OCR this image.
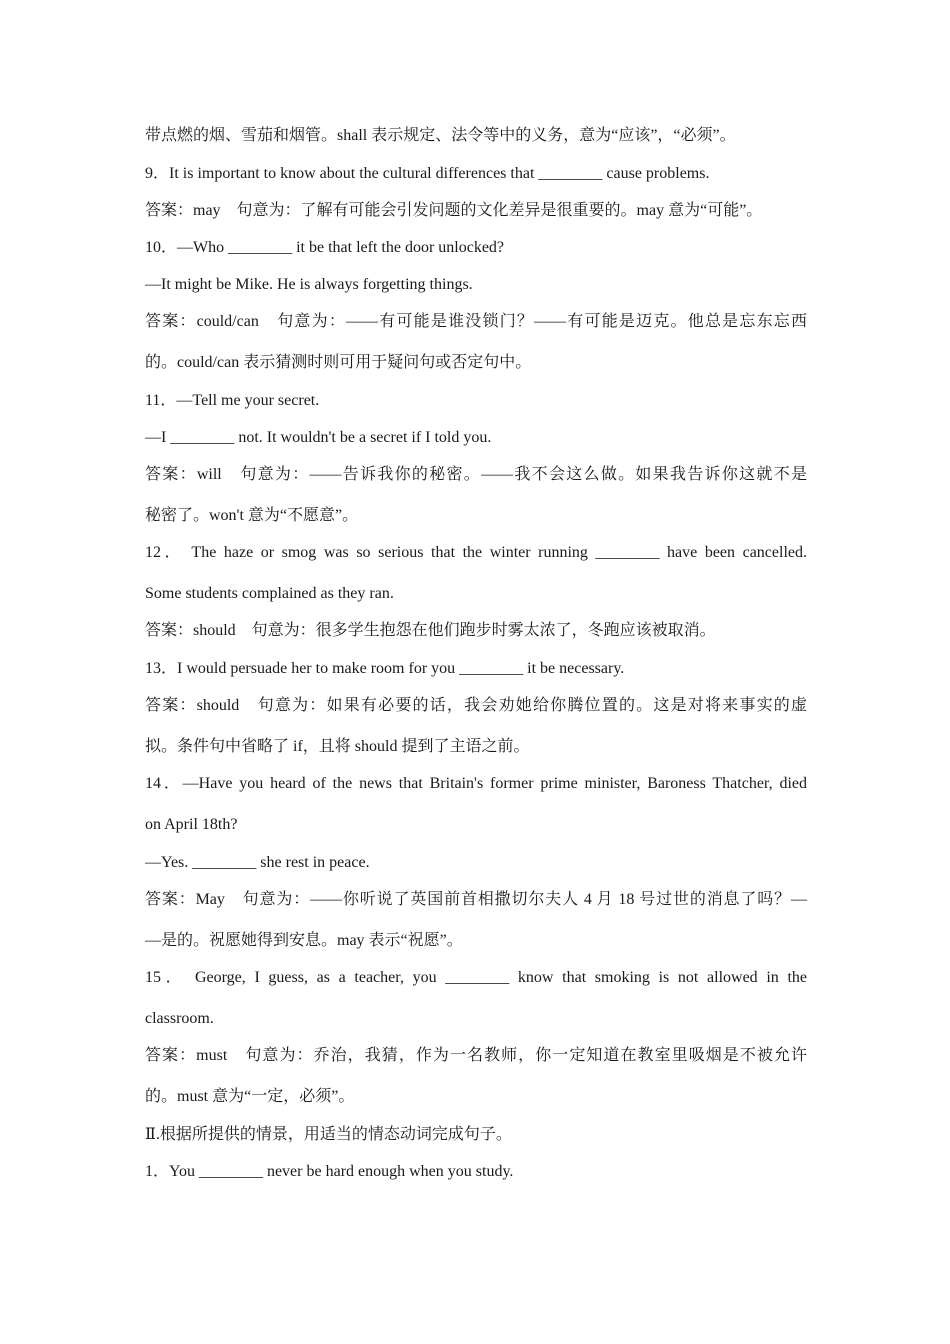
带点燃的烟、雪茄和烟管。shall 表示规定、法令等中的义务，意为“应该”，“必须”。
9．It is important to know about the cultural differences that ________ cause problems.
答案：may　句意为：了解有可能会引发问题的文化差异是很重要的。may 意为“可能”。
10．—Who ________ it be that left the door unlocked?
—It might be Mike. He is always forgetting things.
答案：could/can　句意为：——有可能是谁没锁门？——有可能是迈克。他总是忘东忘西
的。could/can 表示猜测时则可用于疑问句或否定句中。
11．—Tell me your secret.
—I ________ not. It wouldn't be a secret if I told you.
答案：will　句意为：——告诉我你的秘密。——我不会这么做。如果我告诉你这就不是
秘密了。won't 意为“不愿意”。
12． The haze or smog was so serious that the winter running ________ have been cancelled.
Some students complained as they ran.
答案：should　句意为：很多学生抱怨在他们跑步时雾太浓了，冬跑应该被取消。
13．I would persuade her to make room for you ________ it be necessary.
答案：should　句意为：如果有必要的话，我会劝她给你腾位置的。这是对将来事实的虚
拟。条件句中省略了 if，且将 should 提到了主语之前。
14．—Have you heard of the news that Britain's former prime minister, Baroness Thatcher, died
on April 18th?
—Yes. ________ she rest in peace.
答案：May　句意为：——你听说了英国前首相撒切尔夫人 4 月 18 号过世的消息了吗？—
—是的。祝愿她得到安息。may 表示“祝愿”。
15． George, I guess, as a teacher, you ________ know that smoking is not allowed in the
classroom.
答案：must　句意为：乔治，我猜，作为一名教师，你一定知道在教室里吸烟是不被允许
的。must 意为“一定，必须”。
Ⅱ.根据所提供的情景，用适当的情态动词完成句子。
1．You ________ never be hard enough when you study.
